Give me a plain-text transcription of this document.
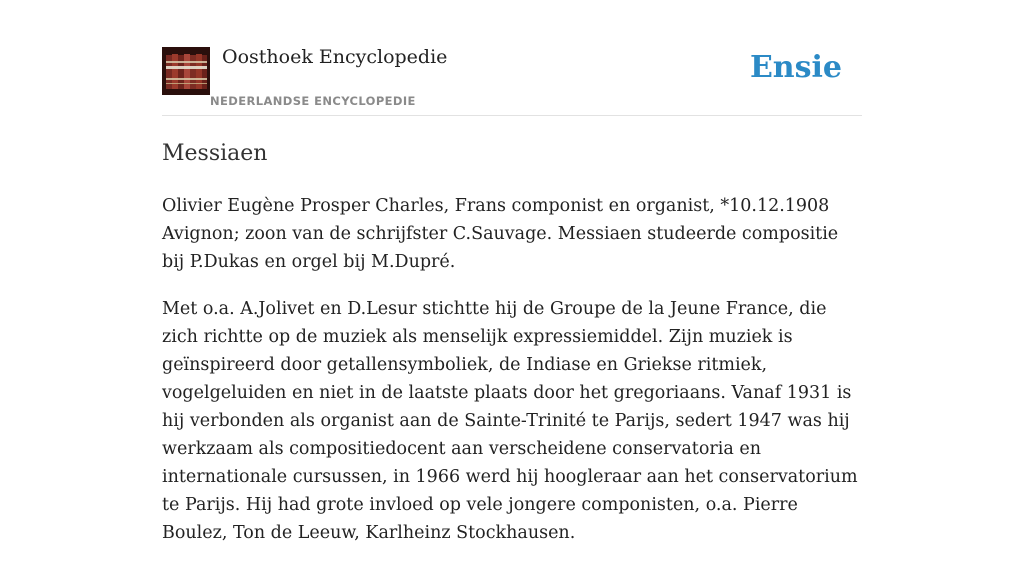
Oosthoek Encyclopedie
NEDERLANDSE ENCYCLOPEDIE
Ensie
Messiaen

Olivier Eugène Prosper Charles, Frans componist en organist, *10.12.1908 Avignon; zoon van de schrijfster C.Sauvage. Messiaen studeerde compositie bij P.Dukas en orgel bij M.Dupré.

Met o.a. A.Jolivet en D.Lesur stichtte hij de Groupe de la Jeune France, die zich richtte op de muziek als menselijk expressiemiddel. Zijn muziek is geïnspireerd door getallensymboliek, de Indiase en Griekse ritmiek, vogelgeluiden en niet in de laatste plaats door het gregoriaans. Vanaf 1931 is hij verbonden als organist aan de Sainte-Trinité te Parijs, sedert 1947 was hij werkzaam als compositiedocent aan verscheidene conservatoria en internationale cursussen, in 1966 werd hij hoogleraar aan het conservatorium te Parijs. Hij had grote invloed op vele jongere componisten, o.a. Pierre Boulez, Ton de Leeuw, Karlheinz Stockhausen.
